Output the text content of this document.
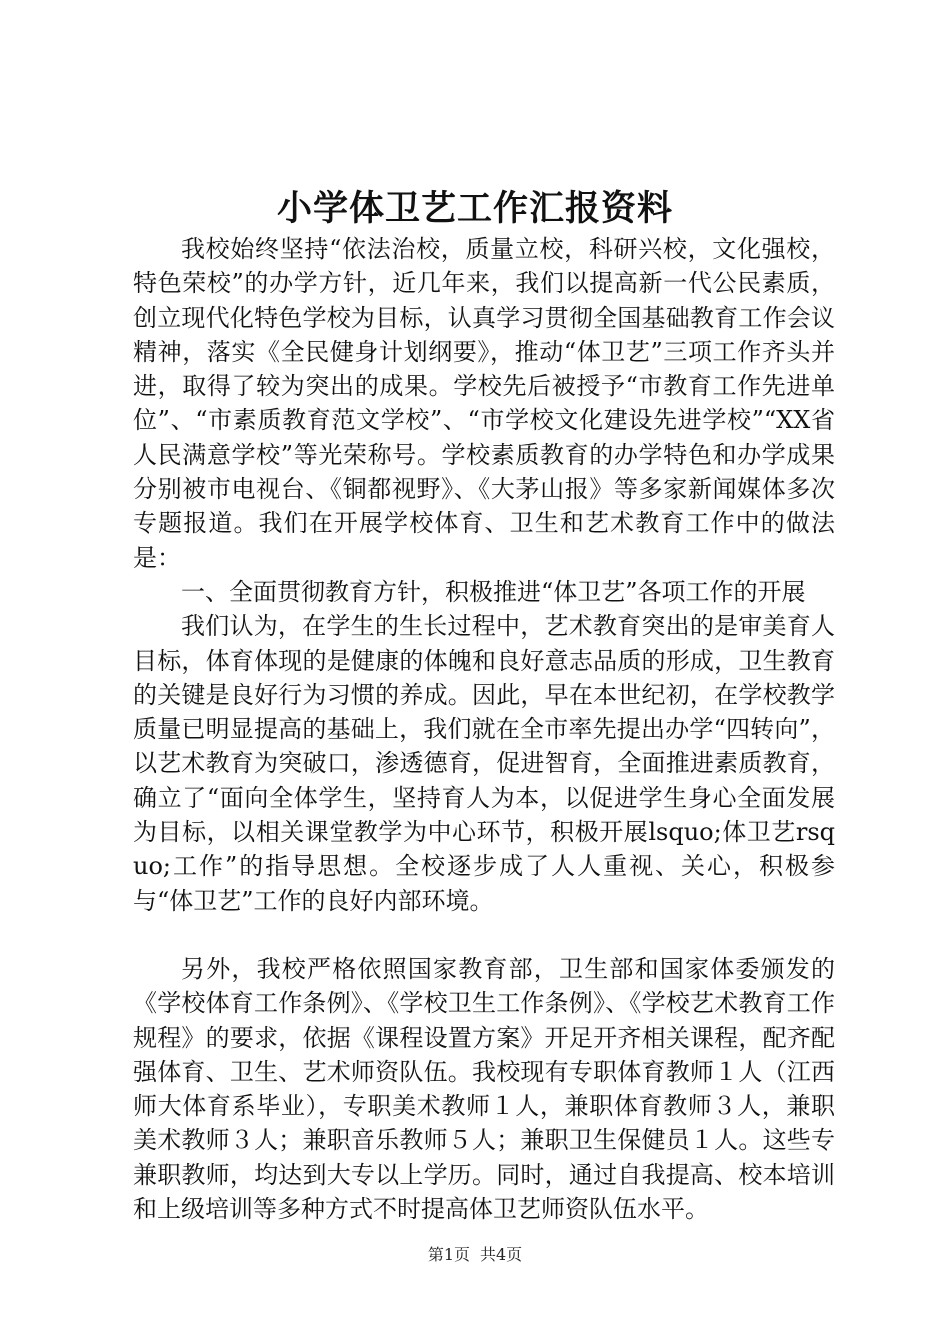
小学体卫艺工作汇报资料

我校始终坚持“依法治校，质量立校，科研兴校，文化强校，特色荣校”的办学方针，近几年来，我们以提高新一代公民素质，创立现代化特色学校为目标，认真学习贯彻全国基础教育工作会议精神，落实《全民健身计划纲要》，推动“体卫艺”三项工作齐头并进，取得了较为突出的成果。学校先后被授予“市教育工作先进单位”、“市素质教育范文学校”、“市学校文化建设先进学校”“XX省人民满意学校”等光荣称号。学校素质教育的办学特色和办学成果分别被市电视台、《铜都视野》、《大茅山报》等多家新闻媒体多次专题报道。我们在开展学校体育、卫生和艺术教育工作中的做法是：

一、全面贯彻教育方针，积极推进“体卫艺”各项工作的开展

我们认为，在学生的生长过程中，艺术教育突出的是审美育人目标，体育体现的是健康的体魄和良好意志品质的形成，卫生教育的关键是良好行为习惯的养成。因此，早在本世纪初，在学校教学质量已明显提高的基础上，我们就在全市率先提出办学“四转向”，以艺术教育为突破口，渗透德育，促进智育，全面推进素质教育，确立了“面向全体学生，坚持育人为本，以促进学生身心全面发展为目标，以相关课堂教学为中心环节，积极开展lsquo;体卫艺rsquo;工作”的指导思想。全校逐步成了人人重视、关心，积极参与“体卫艺”工作的良好内部环境。

另外，我校严格依照国家教育部，卫生部和国家体委颁发的《学校体育工作条例》、《学校卫生工作条例》、《学校艺术教育工作规程》的要求，依据《课程设置方案》开足开齐相关课程，配齐配强体育、卫生、艺术师资队伍。我校现有专职体育教师１人（江西师大体育系毕业），专职美术教师１人，兼职体育教师３人，兼职美术教师３人；兼职音乐教师５人；兼职卫生保健员１人。这些专兼职教师，均达到大专以上学历。同时，通过自我提高、校本培训和上级培训等多种方式不时提高体卫艺师资队伍水平。

第1页 共4页
